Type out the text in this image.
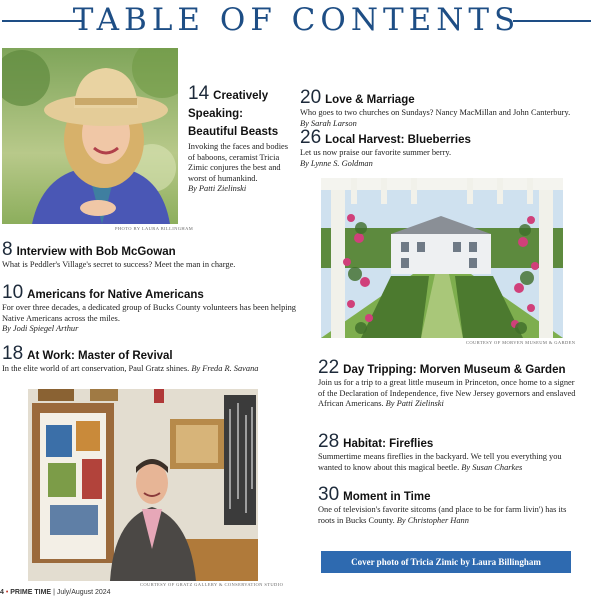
TABLE OF CONTENTS
PHOTO BY LAURA BILLINGHAM
COURTESY OF MORVEN MUSEUM & GARDEN
COURTESY OF GRATZ GALLERY & CONSERVATION STUDIO
14 Creatively Speaking: Beautiful Beasts
Invoking the faces and bodies of baboons, ceramist Tricia Zimic conjures the best and worst of humankind.
By Patti Zielinski
8 Interview with Bob McGowan
What is Peddler's Village's secret to success? Meet the man in charge.
10 Americans for Native Americans
For over three decades, a dedicated group of Bucks County volunteers has been helping Native Americans across the miles.
By Jodi Spiegel Arthur
18 At Work: Master of Revival
In the elite world of art conservation, Paul Gratz shines. By Freda R. Savana
20 Love & Marriage
Who goes to two churches on Sundays? Nancy MacMillan and John Canterbury.
By Sarah Larson
26 Local Harvest: Blueberries
Let us now praise our favorite summer berry.
By Lynne S. Goldman
22 Day Tripping: Morven Museum & Garden
Join us for a trip to a great little museum in Princeton, once home to a signer of the Declaration of Independence, five New Jersey governors and enslaved African Americans. By Patti Zielinski
28 Habitat: Fireflies
Summertime means fireflies in the backyard. We tell you everything you wanted to know about this magical beetle. By Susan Charkes
30 Moment in Time
One of television's favorite sitcoms (and place to be for farm livin') has its roots in Bucks County. By Christopher Hann
Cover photo of Tricia Zimic by Laura Billingham
4 • PRIME TIME | July/August 2024
